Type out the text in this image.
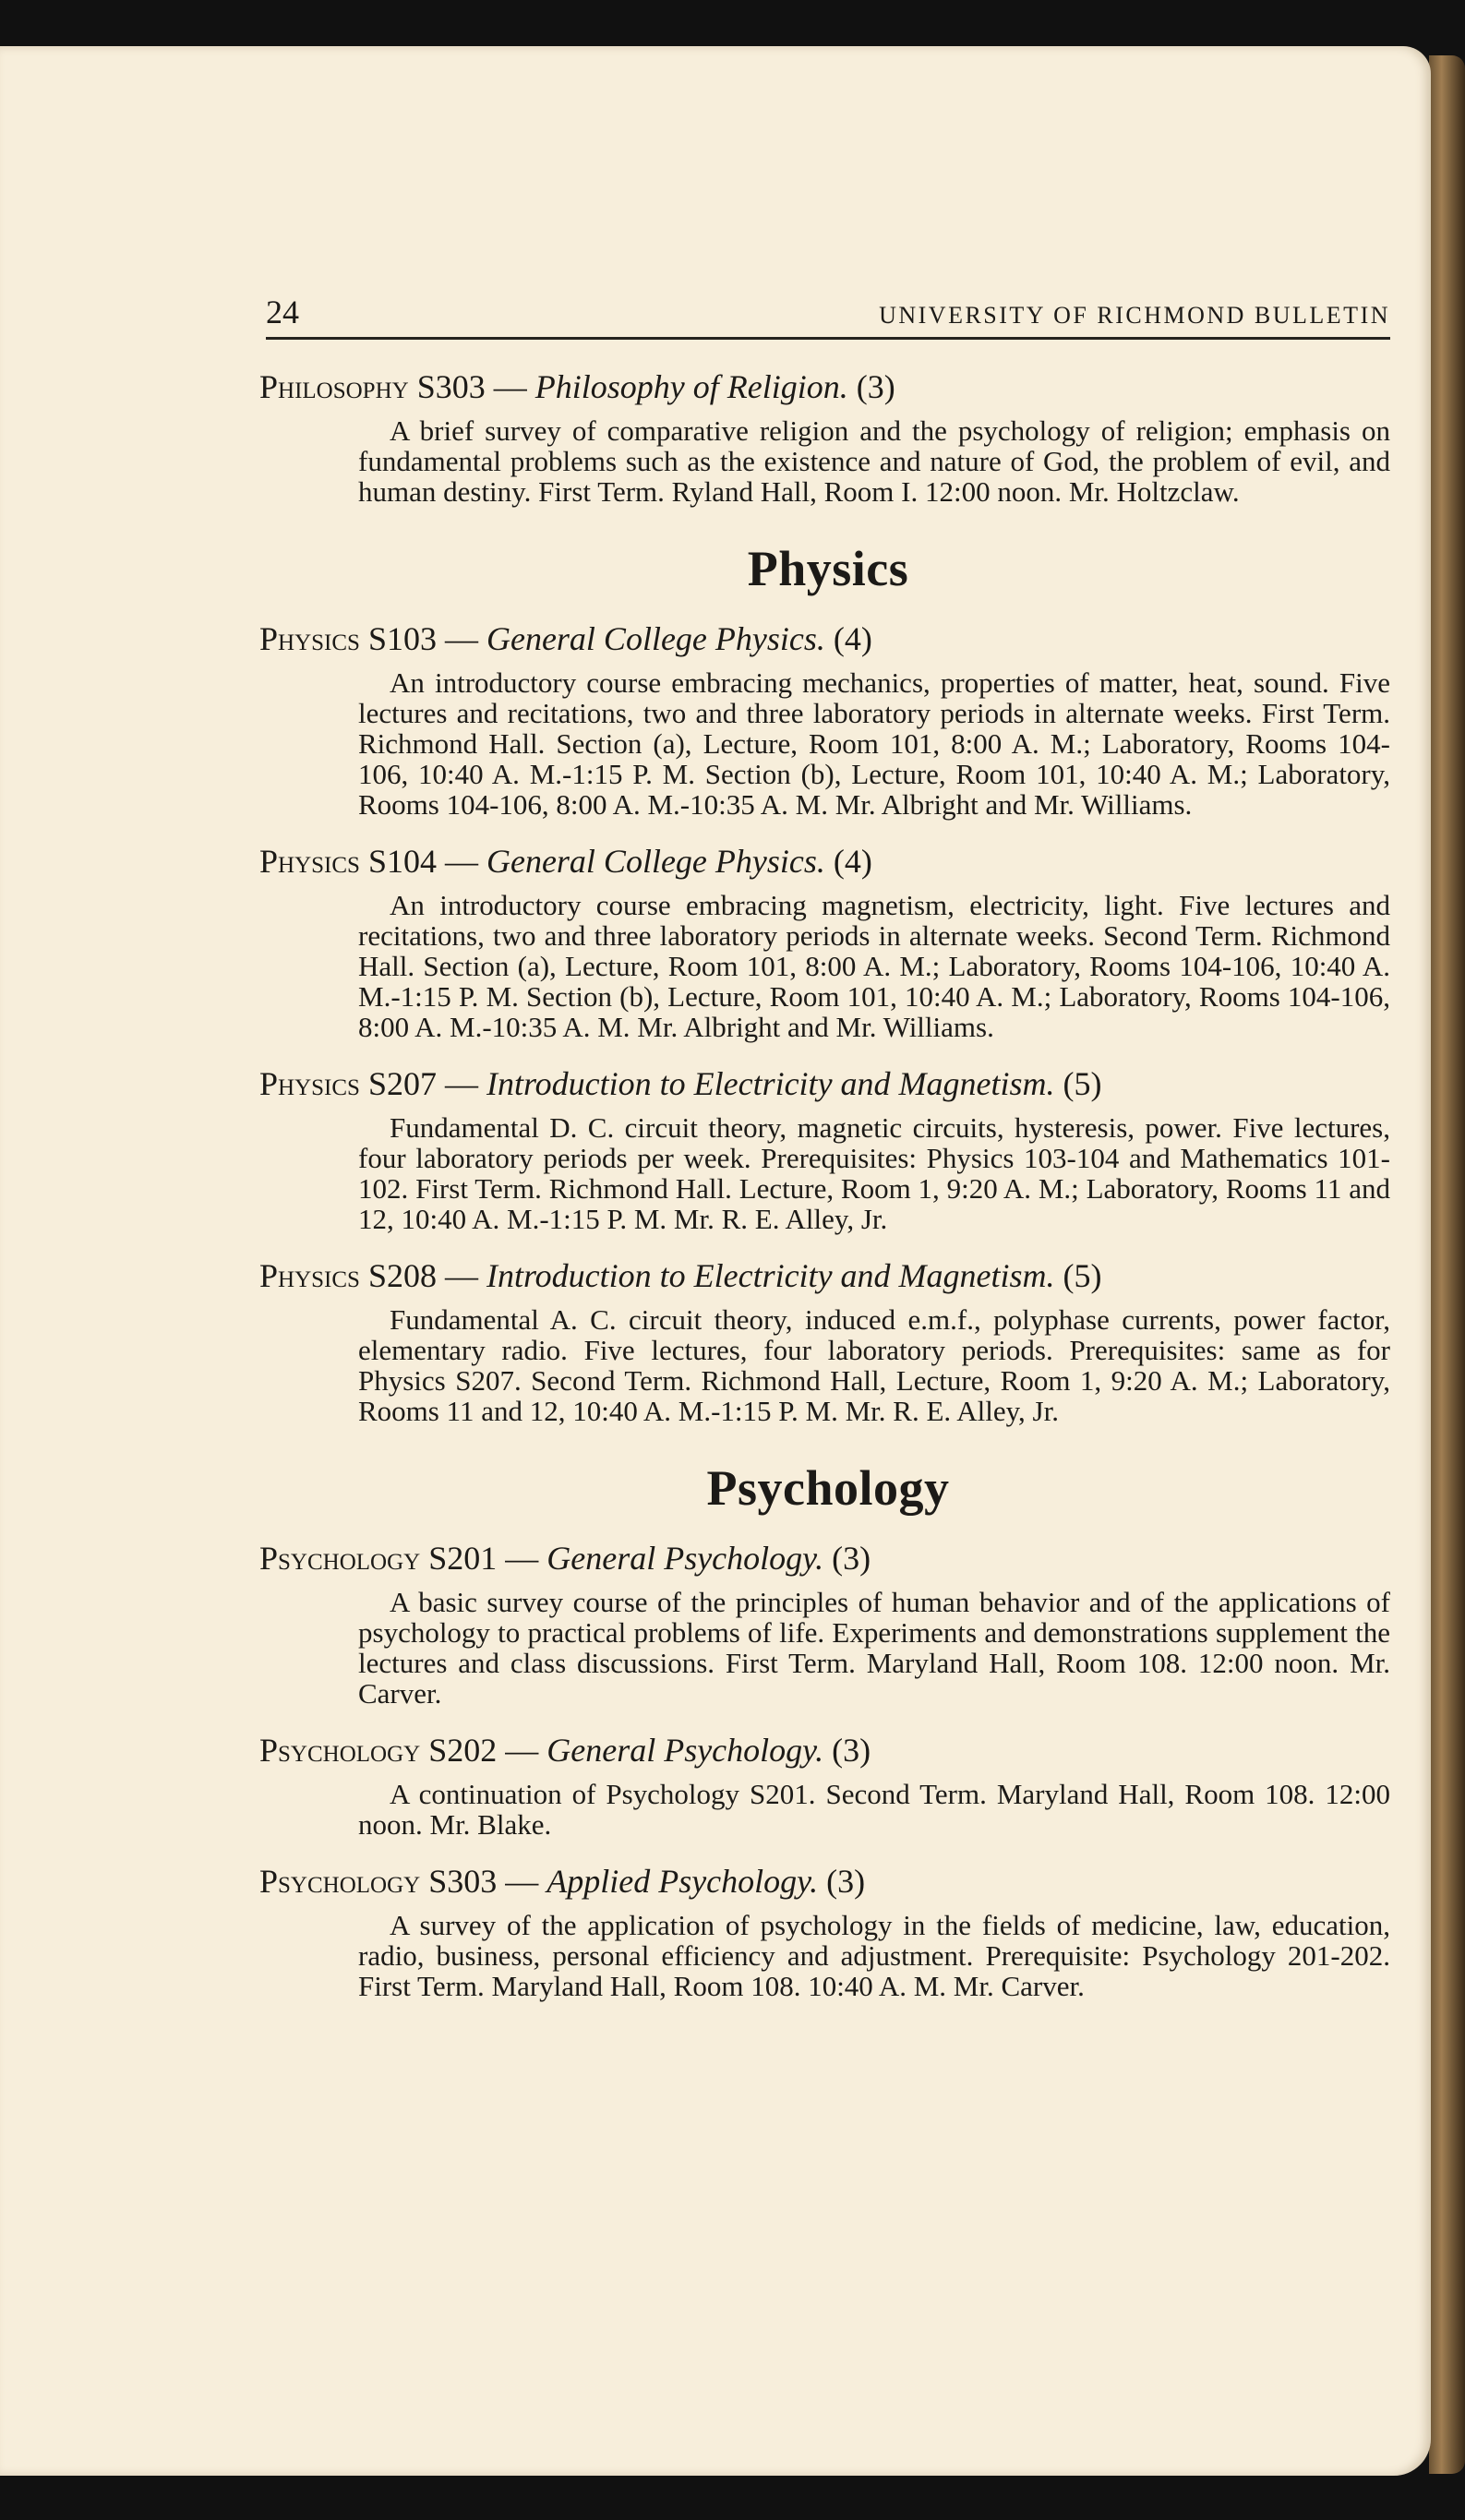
24	UNIVERSITY OF RICHMOND BULLETIN
Philosophy S303 — Philosophy of Religion. (3)
A brief survey of comparative religion and the psychology of religion; emphasis on fundamental problems such as the existence and nature of God, the problem of evil, and human destiny. First Term. Ryland Hall, Room I. 12:00 noon. Mr. Holtzclaw.
Physics
Physics S103 — General College Physics. (4)
An introductory course embracing mechanics, properties of matter, heat, sound. Five lectures and recitations, two and three laboratory periods in alternate weeks. First Term. Richmond Hall. Section (a), Lecture, Room 101, 8:00 A. M.; Laboratory, Rooms 104-106, 10:40 A. M.-1:15 P. M. Section (b), Lecture, Room 101, 10:40 A. M.; Laboratory, Rooms 104-106, 8:00 A. M.-10:35 A. M. Mr. Albright and Mr. Williams.
Physics S104 — General College Physics. (4)
An introductory course embracing magnetism, electricity, light. Five lectures and recitations, two and three laboratory periods in alternate weeks. Second Term. Richmond Hall. Section (a), Lecture, Room 101, 8:00 A. M.; Laboratory, Rooms 104-106, 10:40 A. M.-1:15 P. M. Section (b), Lecture, Room 101, 10:40 A. M.; Laboratory, Rooms 104-106, 8:00 A. M.-10:35 A. M. Mr. Albright and Mr. Williams.
Physics S207 — Introduction to Electricity and Magnetism. (5)
Fundamental D. C. circuit theory, magnetic circuits, hysteresis, power. Five lectures, four laboratory periods per week. Prerequisites: Physics 103-104 and Mathematics 101-102. First Term. Richmond Hall. Lecture, Room 1, 9:20 A. M.; Laboratory, Rooms 11 and 12, 10:40 A. M.-1:15 P. M. Mr. R. E. Alley, Jr.
Physics S208 — Introduction to Electricity and Magnetism. (5)
Fundamental A. C. circuit theory, induced e.m.f., polyphase currents, power factor, elementary radio. Five lectures, four laboratory periods. Prerequisites: same as for Physics S207. Second Term. Richmond Hall, Lecture, Room 1, 9:20 A. M.; Laboratory, Rooms 11 and 12, 10:40 A. M.-1:15 P. M. Mr. R. E. Alley, Jr.
Psychology
Psychology S201 — General Psychology. (3)
A basic survey course of the principles of human behavior and of the applications of psychology to practical problems of life. Experiments and demonstrations supplement the lectures and class discussions. First Term. Maryland Hall, Room 108. 12:00 noon. Mr. Carver.
Psychology S202 — General Psychology. (3)
A continuation of Psychology S201. Second Term. Maryland Hall, Room 108. 12:00 noon. Mr. Blake.
Psychology S303 — Applied Psychology. (3)
A survey of the application of psychology in the fields of medicine, law, education, radio, business, personal efficiency and adjustment. Prerequisite: Psychology 201-202. First Term. Maryland Hall, Room 108. 10:40 A. M. Mr. Carver.
